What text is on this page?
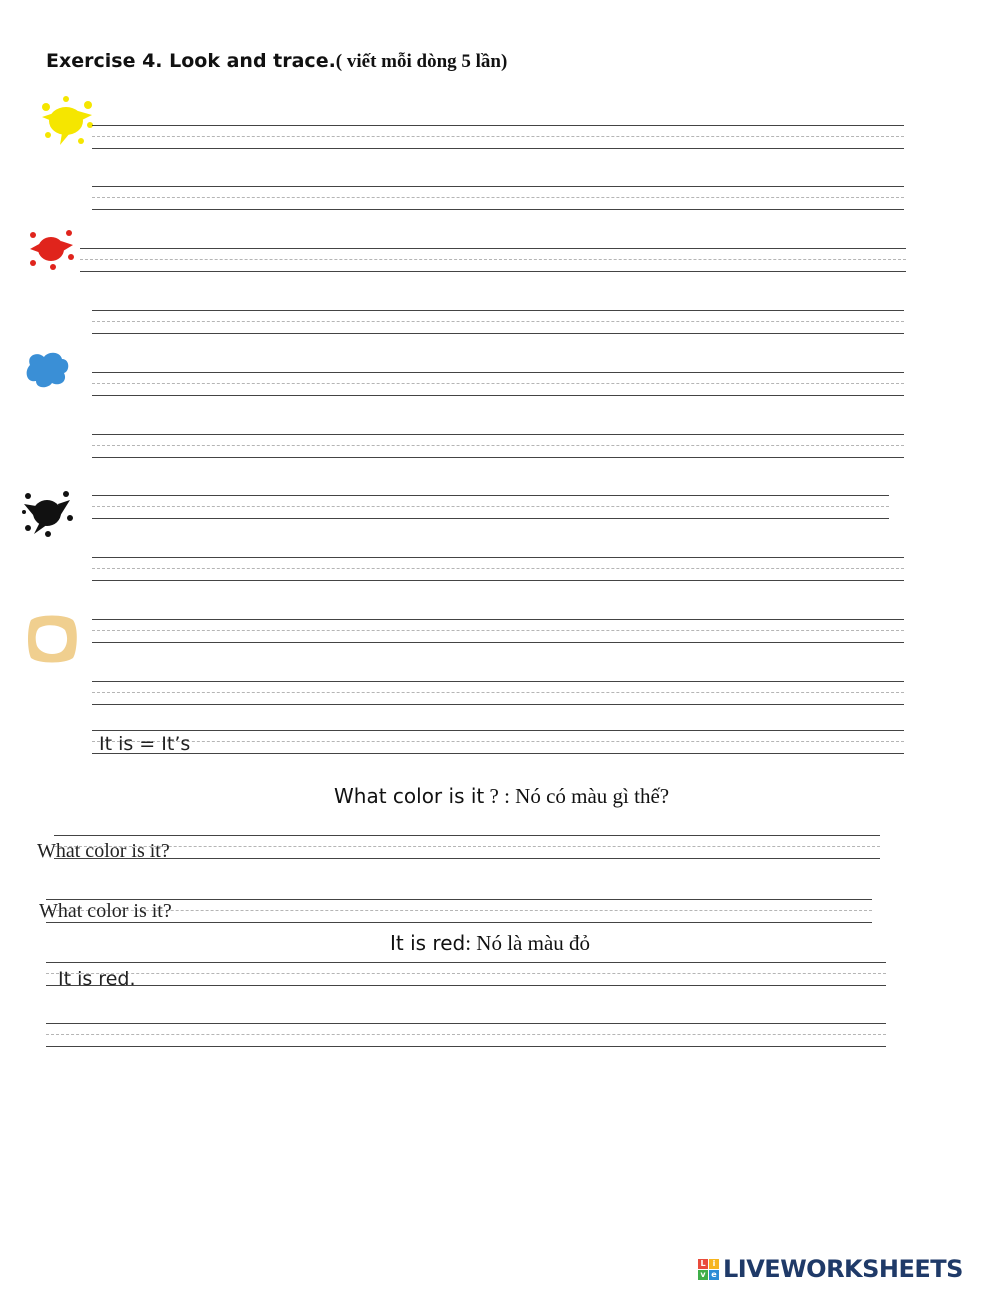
Exercise 4. Look and trace.( viết mỗi dòng 5 lần)
It is = It’s
What color is it ? : Nó có màu gì thế?
What color is it?
What color is it?
It is red: Nó là màu đỏ
It is red.
L i
v e LIVEWORKSHEETS
